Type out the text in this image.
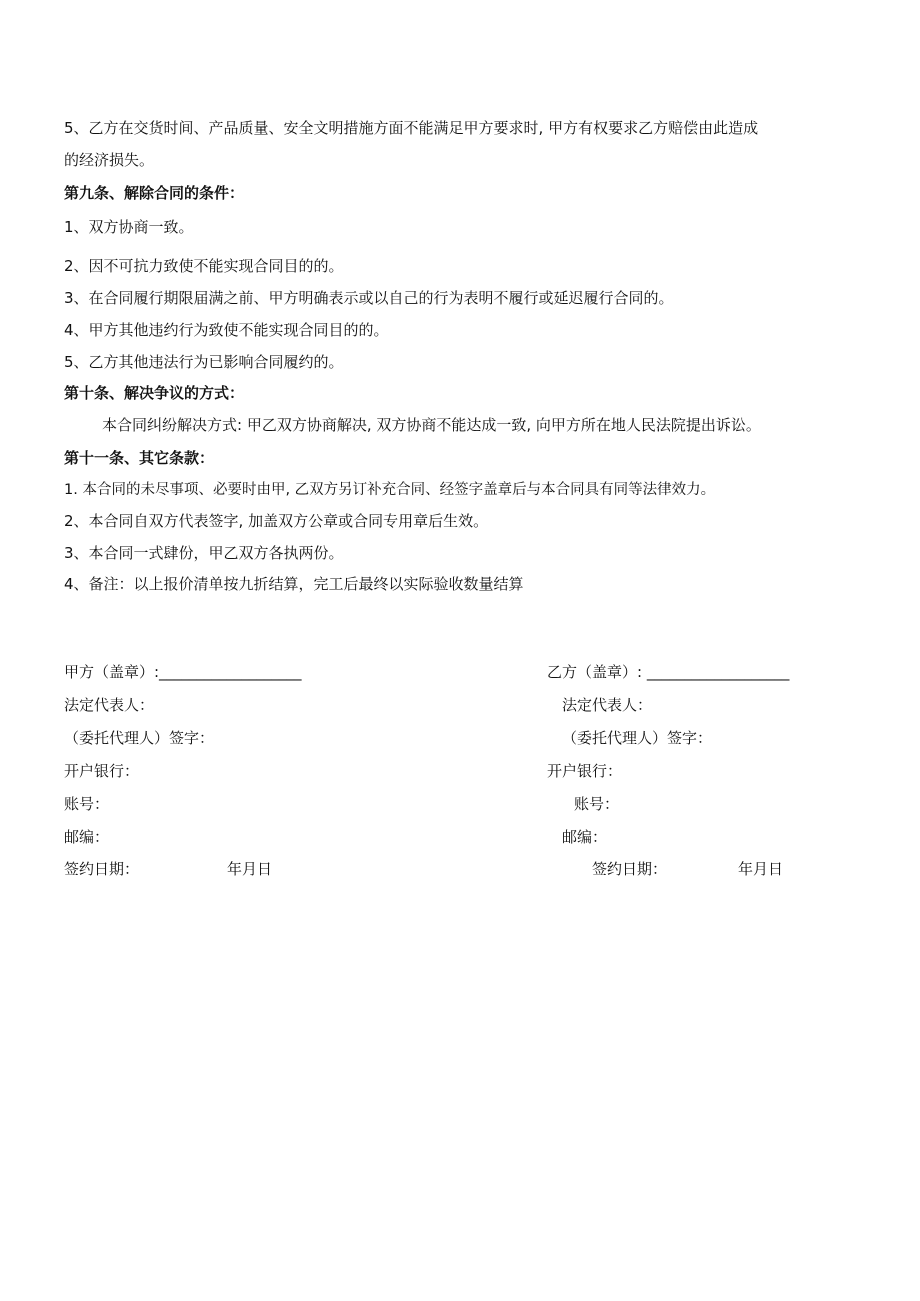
5、乙方在交货时间、产品质量、安全文明措施方面不能满足甲方要求时, 甲方有权要求乙方赔偿由此造成
的经济损失。
第九条、解除合同的条件：
1、双方协商一致。
2、因不可抗力致使不能实现合同目的的。
3、在合同履行期限届满之前、甲方明确表示或以自己的行为表明不履行或延迟履行合同的。
4、甲方其他违约行为致使不能实现合同目的的。
5、乙方其他违法行为已影响合同履约的。
第十条、解决争议的方式：
本合同纠纷解决方式: 甲乙双方协商解决, 双方协商不能达成一致, 向甲方所在地人民法院提出诉讼。
第十一条、其它条款：
1. 本合同的未尽事项、必要时由甲, 乙双方另订补充合同、经签字盖章后与本合同具有同等法律效力。
2、本合同自双方代表签字, 加盖双方公章或合同专用章后生效。
3、本合同一式肆份，甲乙双方各执两份。
4、备注：以上报价清单按九折结算，完工后最终以实际验收数量结算
甲方（盖章）:___________________
法定代表人：
（委托代理人）签字：
开户银行：
账号：
邮编：
签约日期：	年月日
乙方（盖章）: ___________________
法定代表人：
（委托代理人）签字：
开户银行：
账号：
邮编：
签约日期：	年月日
